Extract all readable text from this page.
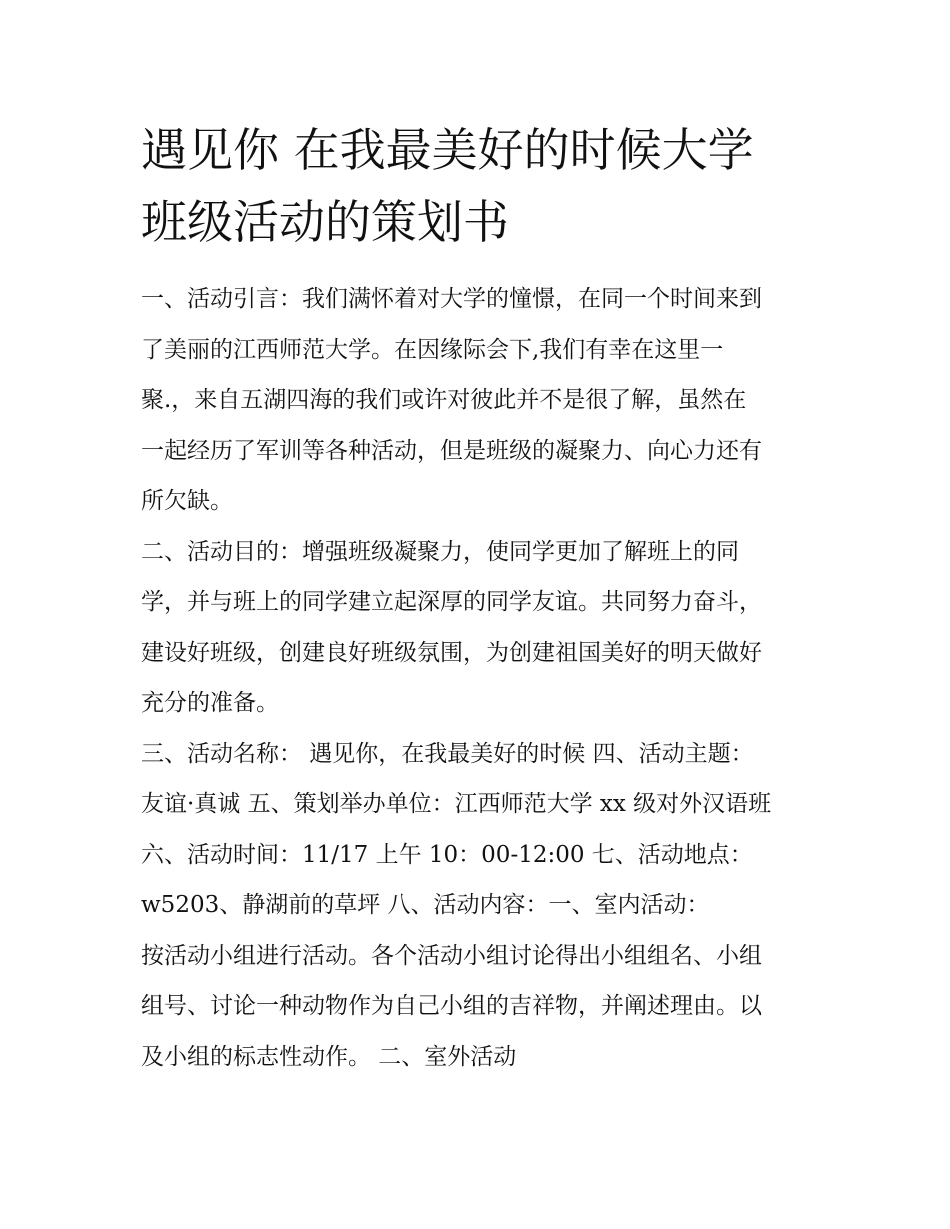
遇见你 在我最美好的时候大学
班级活动的策划书
一、活动引言：我们满怀着对大学的憧憬，在同一个时间来到
了美丽的江西师范大学。在因缘际会下,我们有幸在这里一
聚.，来自五湖四海的我们或许对彼此并不是很了解，虽然在
一起经历了军训等各种活动，但是班级的凝聚力、向心力还有
所欠缺。
二、活动目的：增强班级凝聚力，使同学更加了解班上的同
学，并与班上的同学建立起深厚的同学友谊。共同努力奋斗，
建设好班级，创建良好班级氛围，为创建祖国美好的明天做好
充分的准备。
三、活动名称： 遇见你，在我最美好的时候 四、活动主题：
友谊·真诚 五、策划举办单位：江西师范大学 xx 级对外汉语班
六、活动时间：11/17 上午 10：00-12:00 七、活动地点：
w5203、静湖前的草坪 八、活动内容：一、室内活动：
按活动小组进行活动。各个活动小组讨论得出小组组名、小组
组号、讨论一种动物作为自己小组的吉祥物，并阐述理由。以
及小组的标志性动作。 二、室外活动
